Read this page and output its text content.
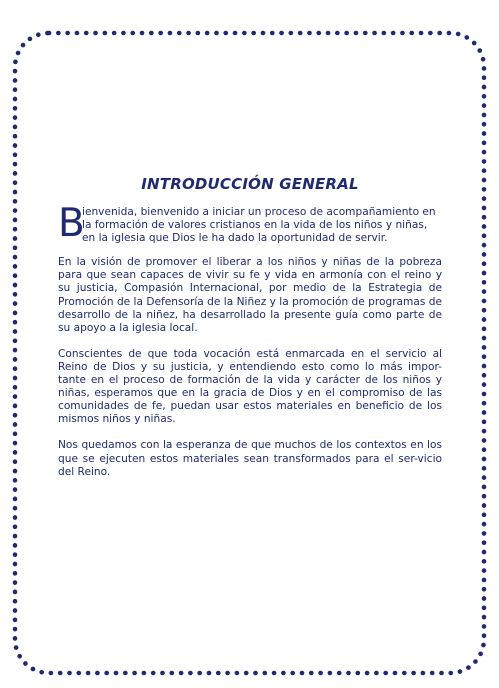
INTRODUCCIÓN GENERAL

B
ienvenida, bienvenido a iniciar un proceso de acompañamiento en
la formación de valores cristianos en la vida de los niños y niñas,
en la iglesia que Dios le ha dado la oportunidad de servir.

En la visión de promover el liberar a los niños y niñas de la pobreza para que sean capaces de vivir su fe y vida en armonía con el reino y su justicia, Compasión Internacional, por medio de la Estrategia de Promoción de la Defensoría de la Niñez y la promoción de programas de desarrollo de la niñez, ha desarrollado la presente guía como parte de su apoyo a la iglesia local.

Conscientes de que toda vocación está enmarcada en el servicio al Reino de Dios y su justicia, y entendiendo esto como lo más impor-tante en el proceso de formación de la vida y carácter de los niños y niñas, esperamos que en la gracia de Dios y en el compromiso de las comunidades de fe, puedan usar estos materiales en beneficio de los mismos niños y niñas.

Nos quedamos con la esperanza de que muchos de los contextos en los que se ejecuten estos materiales sean transformados para el ser-vicio del Reino.
